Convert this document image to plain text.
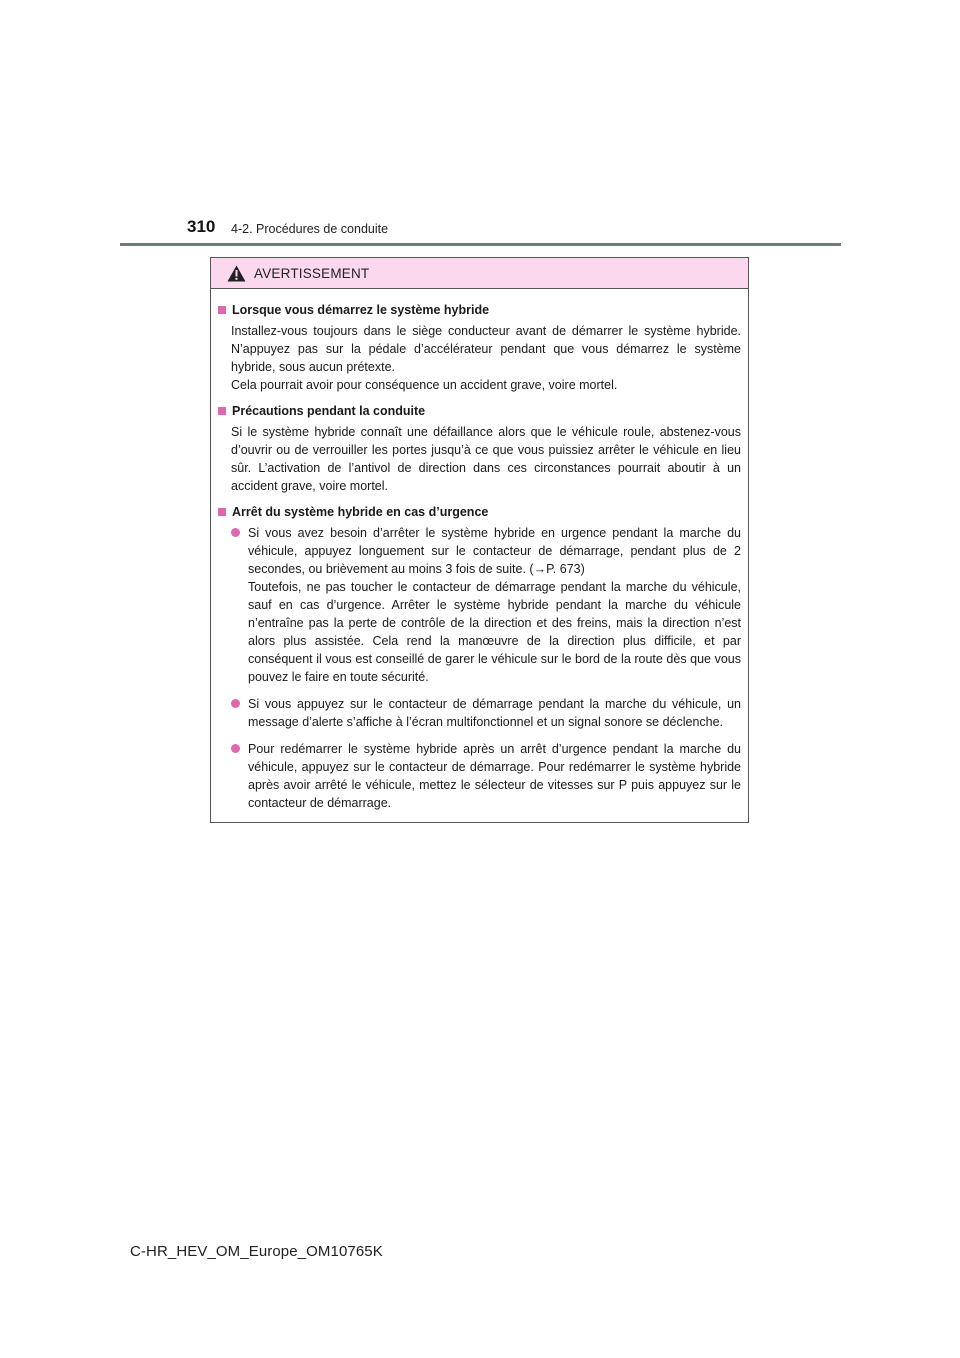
310 4-2. Procédures de conduite
AVERTISSEMENT
Lorsque vous démarrez le système hybride
Installez-vous toujours dans le siège conducteur avant de démarrer le système hybride. N’appuyez pas sur la pédale d’accélérateur pendant que vous démarrez le système hybride, sous aucun prétexte.
Cela pourrait avoir pour conséquence un accident grave, voire mortel.
Précautions pendant la conduite
Si le système hybride connaît une défaillance alors que le véhicule roule, abstenez-vous d’ouvrir ou de verrouiller les portes jusqu’à ce que vous puissiez arrêter le véhicule en lieu sûr. L’activation de l’antivol de direction dans ces circonstances pourrait aboutir à un accident grave, voire mortel.
Arrêt du système hybride en cas d’urgence
Si vous avez besoin d’arrêter le système hybride en urgence pendant la marche du véhicule, appuyez longuement sur le contacteur de démarrage, pendant plus de 2 secondes, ou brièvement au moins 3 fois de suite. (→P. 673)
Toutefois, ne pas toucher le contacteur de démarrage pendant la marche du véhicule, sauf en cas d’urgence. Arrêter le système hybride pendant la marche du véhicule n’entraîne pas la perte de contrôle de la direction et des freins, mais la direction n’est alors plus assistée. Cela rend la manœuvre de la direction plus difficile, et par conséquent il vous est conseillé de garer le véhicule sur le bord de la route dès que vous pouvez le faire en toute sécurité.
Si vous appuyez sur le contacteur de démarrage pendant la marche du véhicule, un message d’alerte s’affiche à l’écran multifonctionnel et un signal sonore se déclenche.
Pour redémarrer le système hybride après un arrêt d’urgence pendant la marche du véhicule, appuyez sur le contacteur de démarrage. Pour redémarrer le système hybride après avoir arrêté le véhicule, mettez le sélecteur de vitesses sur P puis appuyez sur le contacteur de démarrage.
C-HR_HEV_OM_Europe_OM10765K
